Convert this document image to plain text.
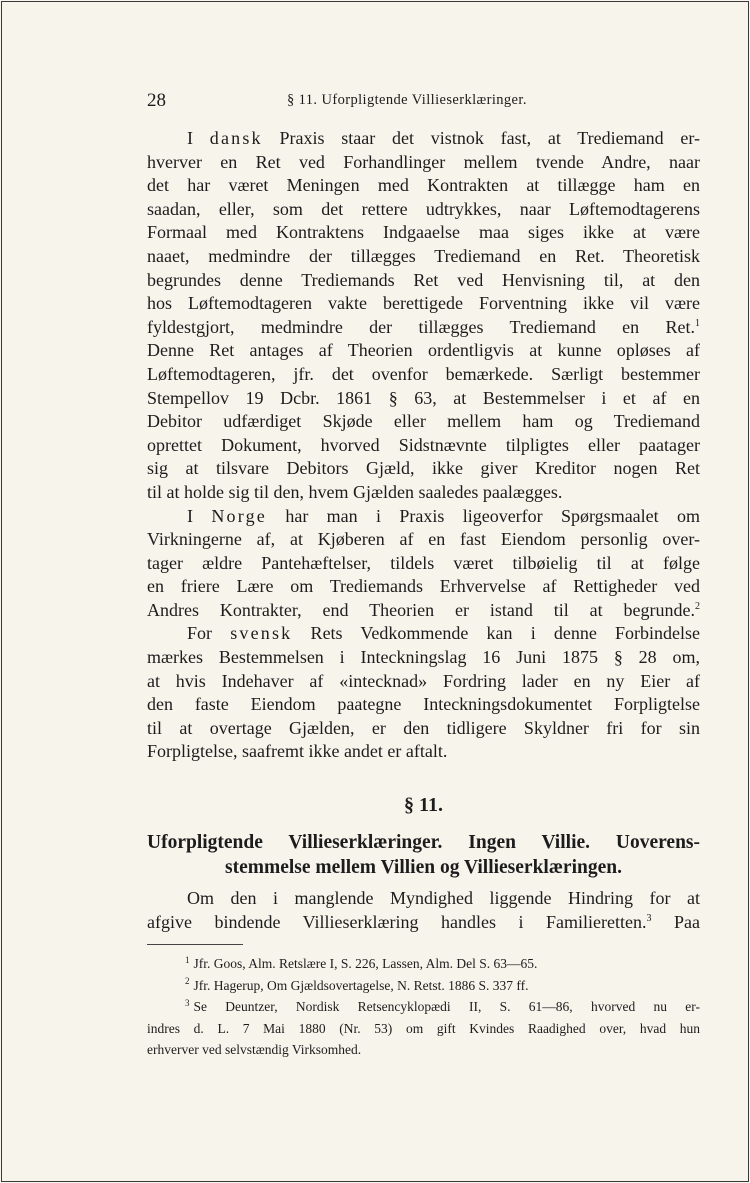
28	§ 11. Uforpligtende Villieserklæringer.
I dansk Praxis staar det vistnok fast, at Trediemand er-
hverver en Ret ved Forhandlinger mellem tvende Andre, naar
det har været Meningen med Kontrakten at tillægge ham en
saadan, eller, som det rettere udtrykkes, naar Løftemodtagerens
Formaal med Kontraktens Indgaaelse maa siges ikke at være
naaet, medmindre der tillægges Trediemand en Ret. Theoretisk
begrundes denne Trediemands Ret ved Henvisning til, at den
hos Løftemodtageren vakte berettigede Forventning ikke vil være
fyldestgjort, medmindre der tillægges Trediemand en Ret.$^1$
Denne Ret antages af Theorien ordentligvis at kunne opløses af
Løftemodtageren, jfr. det ovenfor bemærkede. Særligt bestemmer
Stempellov 19 Dcbr. 1861 § 63, at Bestemmelser i et af en
Debitor udfærdiget Skjøde eller mellem ham og Trediemand
oprettet Dokument, hvorved Sidstnævnte tilpligtes eller paatager
sig at tilsvare Debitors Gjæld, ikke giver Kreditor nogen Ret
til at holde sig til den, hvem Gjælden saaledes paalægges.
I Norge har man i Praxis ligeoverfor Spørgsmaalet om
Virkningerne af, at Kjøberen af en fast Eiendom personlig over-
tager ældre Pantehæftelser, tildels været tilbøielig til at følge
en friere Lære om Trediemands Erhvervelse af Rettigheder ved
Andres Kontrakter, end Theorien er istand til at begrunde.$^2$
For svensk Rets Vedkommende kan i denne Forbindelse
mærkes Bestemmelsen i Inteckningslag 16 Juni 1875 § 28 om,
at hvis Indehaver af «intecknad» Fordring lader en ny Eier af
den faste Eiendom paategne Inteckningsdokumentet Forpligtelse
til at overtage Gjælden, er den tidligere Skyldner fri for sin
Forpligtelse, saafremt ikke andet er aftalt.
§ 11.
Uforpligtende Villieserklæringer. Ingen Villie. Uoverens-
stemmelse mellem Villien og Villieserklæringen.
Om den i manglende Myndighed liggende Hindring for at
afgive bindende Villieserklæring handles i Familieretten.$^3$ Paa
$^1$ Jfr. Goos, Alm. Retslære I, S. 226, Lassen, Alm. Del S. 63—65.
$^2$ Jfr. Hagerup, Om Gjældsovertagelse, N. Retst. 1886 S. 337 ff.
$^3$ Se Deuntzer, Nordisk Retsencyklopædi II, S. 61—86, hvorved nu er-
indres d. L. 7 Mai 1880 (Nr. 53) om gift Kvindes Raadighed over, hvad hun
erhverver ved selvstændig Virksomhed.
